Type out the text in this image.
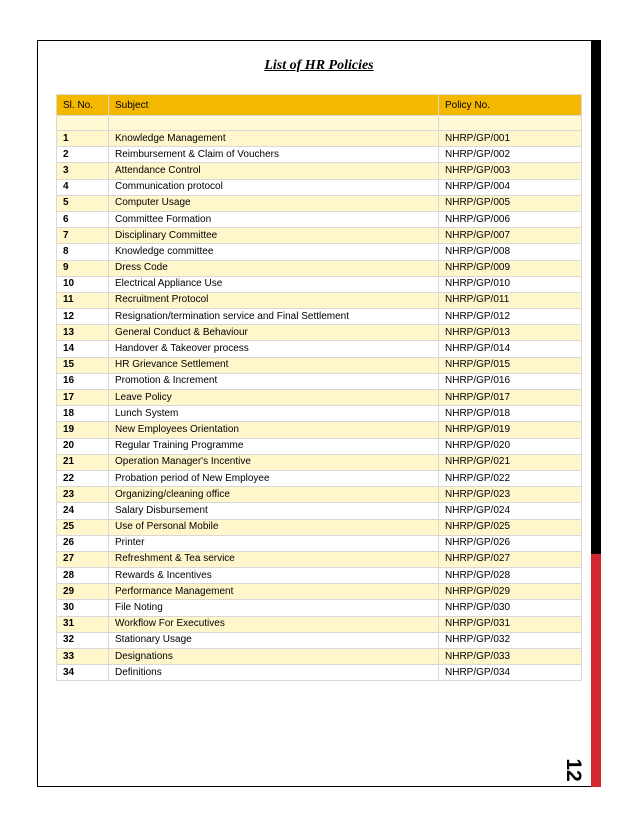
List of HR Policies
Sl. No.	Subject	Policy No.

1	Knowledge Management	NHRP/GP/001
2	Reimbursement & Claim of Vouchers	NHRP/GP/002
3	Attendance Control	NHRP/GP/003
4	Communication protocol	NHRP/GP/004
5	Computer Usage	NHRP/GP/005
6	Committee Formation	NHRP/GP/006
7	Disciplinary Committee	NHRP/GP/007
8	Knowledge committee	NHRP/GP/008
9	Dress Code	NHRP/GP/009
10	Electrical Appliance Use	NHRP/GP/010
11	Recruitment Protocol	NHRP/GP/011
12	Resignation/termination service and Final Settlement	NHRP/GP/012
13	General Conduct & Behaviour	NHRP/GP/013
14	Handover & Takeover process	NHRP/GP/014
15	HR Grievance Settlement	NHRP/GP/015
16	Promotion & Increment	NHRP/GP/016
17	Leave Policy	NHRP/GP/017
18	Lunch System	NHRP/GP/018
19	New Employees Orientation	NHRP/GP/019
20	Regular Training Programme	NHRP/GP/020
21	Operation Manager's Incentive	NHRP/GP/021
22	Probation period of New Employee	NHRP/GP/022
23	Organizing/cleaning office	NHRP/GP/023
24	Salary Disbursement	NHRP/GP/024
25	Use of Personal Mobile	NHRP/GP/025
26	Printer	NHRP/GP/026
27	Refreshment & Tea service	NHRP/GP/027
28	Rewards & Incentives	NHRP/GP/028
29	Performance Management	NHRP/GP/029
30	File Noting	NHRP/GP/030
31	Workflow For Executives	NHRP/GP/031
32	Stationary Usage	NHRP/GP/032
33	Designations	NHRP/GP/033
34	Definitions	NHRP/GP/034
12
